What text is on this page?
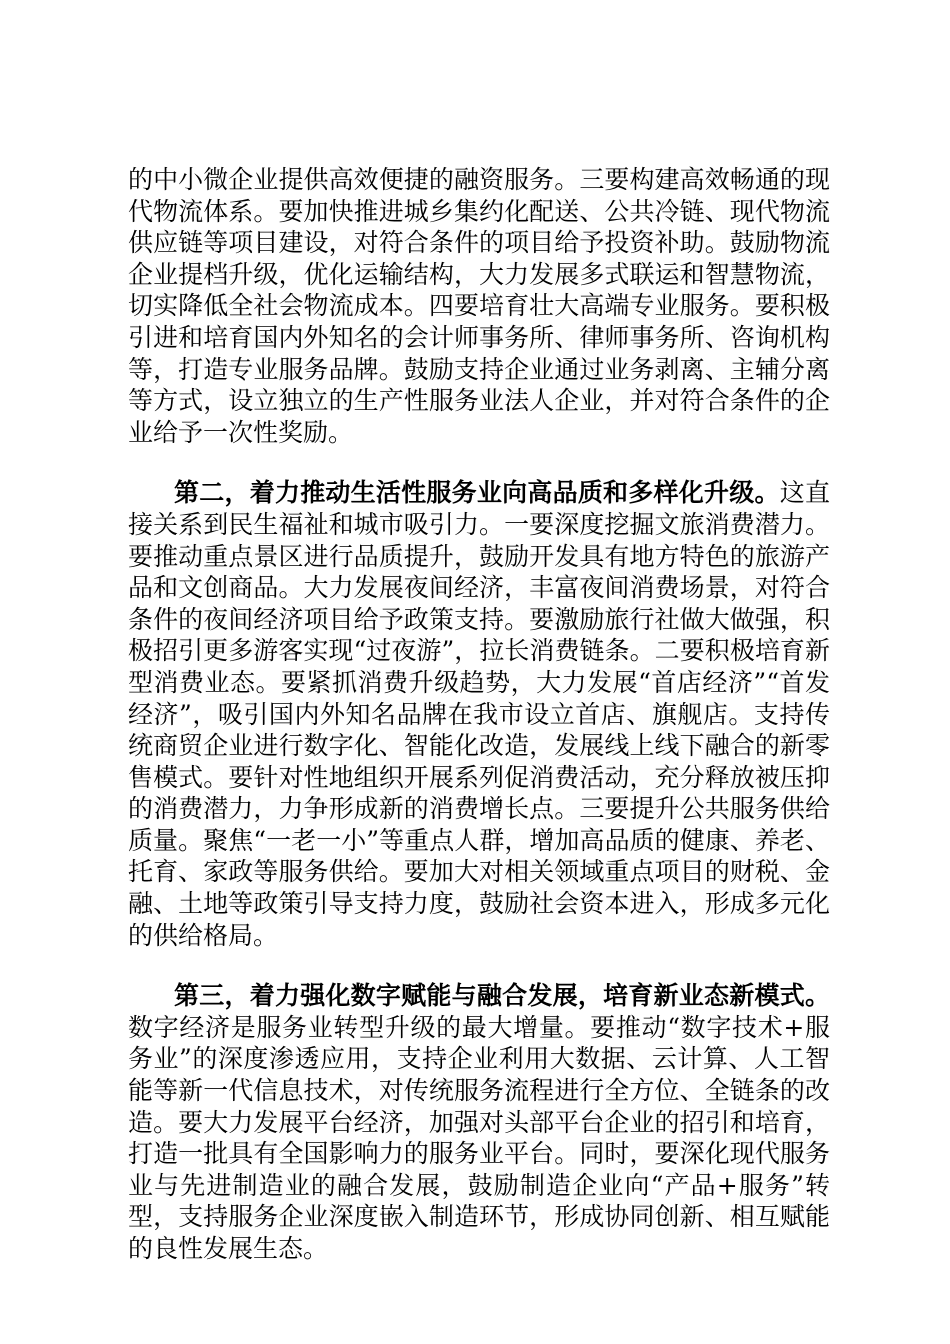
的中小微企业提供高效便捷的融资服务。三要构建高效畅通的现代物流体系。要加快推进城乡集约化配送、公共冷链、现代物流供应链等项目建设，对符合条件的项目给予投资补助。鼓励物流企业提档升级，优化运输结构，大力发展多式联运和智慧物流，切实降低全社会物流成本。四要培育壮大高端专业服务。要积极引进和培育国内外知名的会计师事务所、律师事务所、咨询机构等，打造专业服务品牌。鼓励支持企业通过业务剥离、主辅分离等方式，设立独立的生产性服务业法人企业，并对符合条件的企业给予一次性奖励。

第二，着力推动生活性服务业向高品质和多样化升级。这直接关系到民生福祉和城市吸引力。一要深度挖掘文旅消费潜力。要推动重点景区进行品质提升，鼓励开发具有地方特色的旅游产品和文创商品。大力发展夜间经济，丰富夜间消费场景，对符合条件的夜间经济项目给予政策支持。要激励旅行社做大做强，积极招引更多游客实现“过夜游”，拉长消费链条。二要积极培育新型消费业态。要紧抓消费升级趋势，大力发展“首店经济”“首发经济”，吸引国内外知名品牌在我市设立首店、旗舰店。支持传统商贸企业进行数字化、智能化改造，发展线上线下融合的新零售模式。要针对性地组织开展系列促消费活动，充分释放被压抑的消费潜力，力争形成新的消费增长点。三要提升公共服务供给质量。聚焦“一老一小”等重点人群，增加高品质的健康、养老、托育、家政等服务供给。要加大对相关领域重点项目的财税、金融、土地等政策引导支持力度，鼓励社会资本进入，形成多元化的供给格局。

第三，着力强化数字赋能与融合发展，培育新业态新模式。数字经济是服务业转型升级的最大增量。要推动“数字技术+服务业”的深度渗透应用，支持企业利用大数据、云计算、人工智能等新一代信息技术，对传统服务流程进行全方位、全链条的改造。要大力发展平台经济，加强对头部平台企业的招引和培育，打造一批具有全国影响力的服务业平台。同时，要深化现代服务业与先进制造业的融合发展，鼓励制造企业向“产品+服务”转型，支持服务企业深度嵌入制造环节，形成协同创新、相互赋能的良性发展生态。
